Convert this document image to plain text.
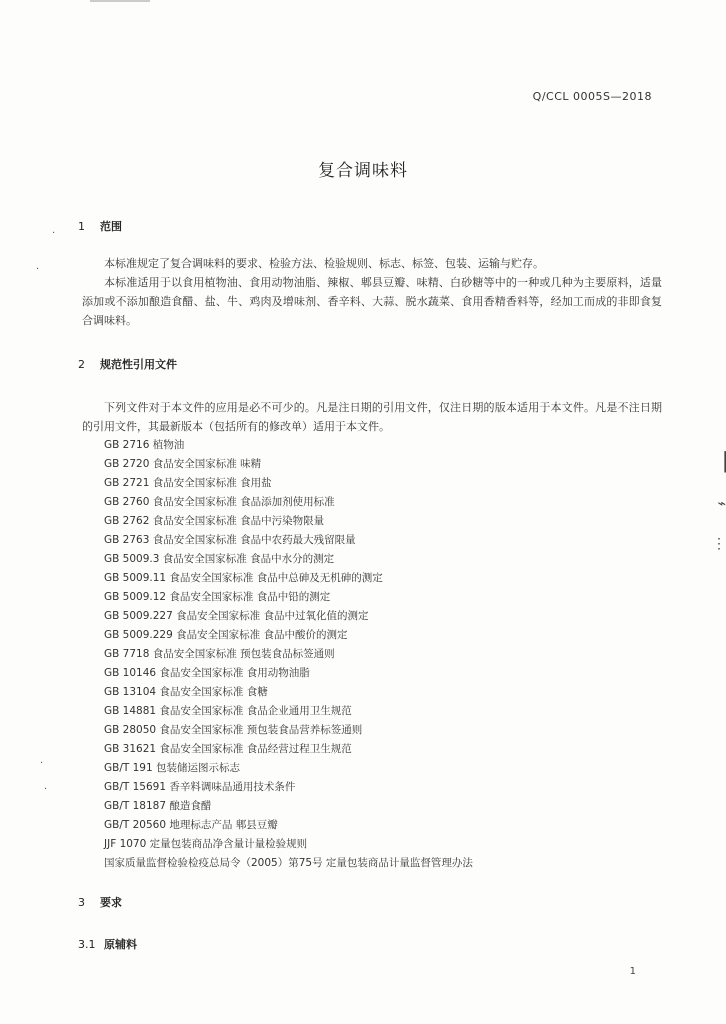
Q/CCL 0005S—2018
复合调味料
1 范围
·

本标准规定了复合调味料的要求、检验方法、检验规则、标志、标签、包装、运输与贮存。

本标准适用于以食用植物油、食用动物油脂、辣椒、郫县豆瓣、味精、白砂糖等中的一种或几种为主要原料，适量添加或不添加酿造食醋、盐、牛、鸡肉及增味剂、香辛料、大蒜、脱水蔬菜、食用香精香料等，经加工而成的非即食复合调味料。

·
2 规范性引用文件

下列文件对于本文件的应用是必不可少的。凡是注日期的引用文件，仅注日期的版本适用于本文件。凡是不注日期的引用文件，其最新版本（包括所有的修改单）适用于本文件。

GB 2716 植物油
GB 2720 食品安全国家标准 味精
GB 2721 食品安全国家标准 食用盐
GB 2760 食品安全国家标准 食品添加剂使用标准
GB 2762 食品安全国家标准 食品中污染物限量
GB 2763 食品安全国家标准 食品中农药最大残留限量
GB 5009.3 食品安全国家标准 食品中水分的测定
GB 5009.11 食品安全国家标准 食品中总砷及无机砷的测定
GB 5009.12 食品安全国家标准 食品中铅的测定
GB 5009.227 食品安全国家标准 食品中过氧化值的测定
GB 5009.229 食品安全国家标准 食品中酸价的测定
GB 7718 食品安全国家标准 预包装食品标签通则
GB 10146 食品安全国家标准 食用动物油脂
GB 13104 食品安全国家标准 食糖
GB 14881 食品安全国家标准 食品企业通用卫生规范
GB 28050 食品安全国家标准 预包装食品营养标签通则
GB 31621 食品安全国家标准 食品经营过程卫生规范
GB/T 191 包装储运图示标志
GB/T 15691 香辛料调味品通用技术条件
GB/T 18187 酿造食醋
GB/T 20560 地理标志产品 郫县豆瓣
JJF 1070 定量包装商品净含量计量检验规则
国家质量监督检验检疫总局令（2005）第75号 定量包装商品计量监督管理办法
·
·
3 要求
3.1 原辅料
1
▕
⌁
⋮
